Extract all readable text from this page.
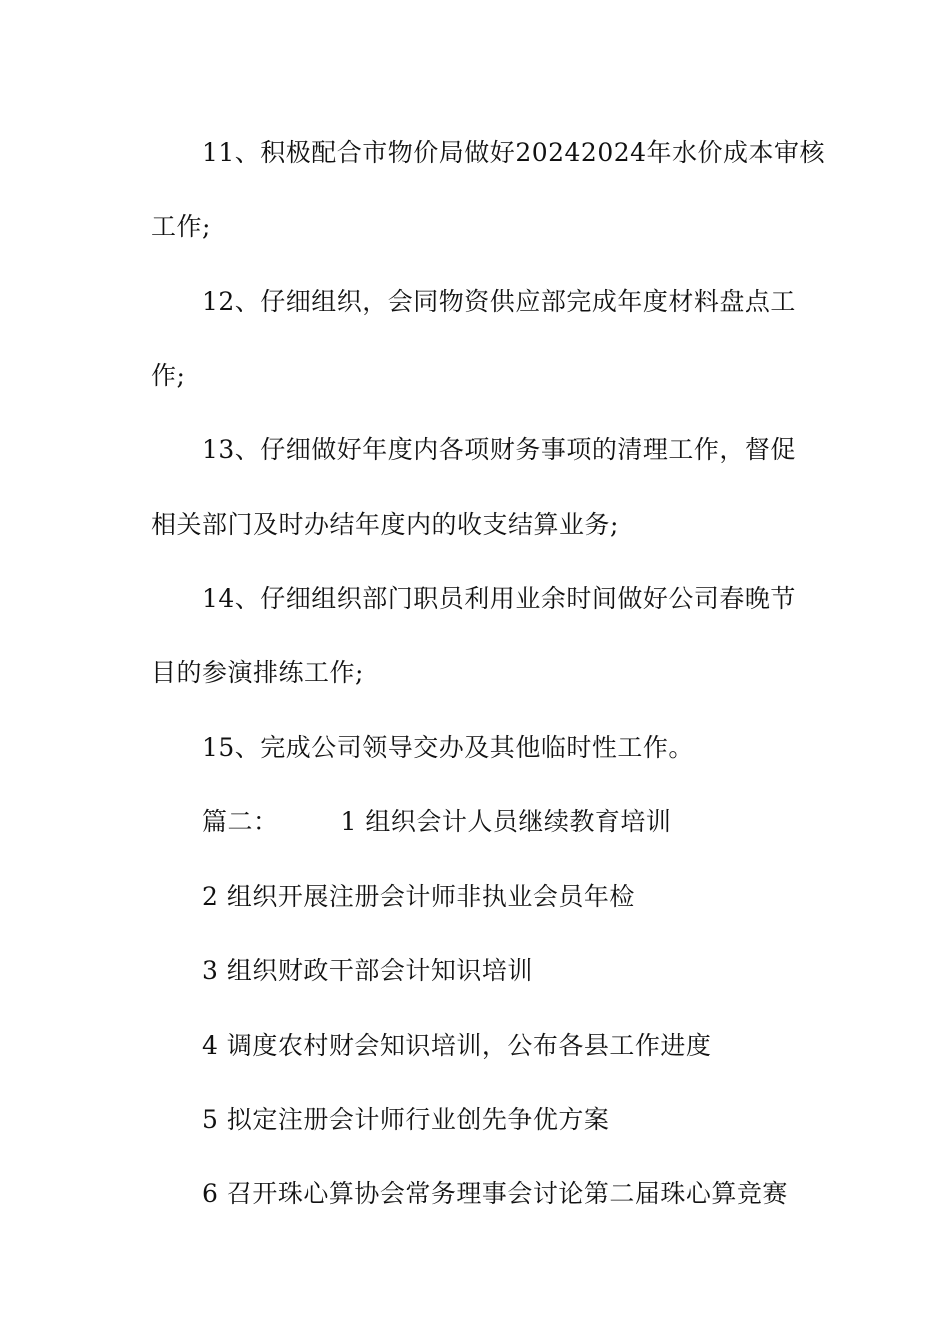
11、积极配合市物价局做好20242024年水价成本审核
工作;
12、仔细组织，会同物资供应部完成年度材料盘点工
作;
13、仔细做好年度内各项财务事项的清理工作，督促
相关部门及时办结年度内的收支结算业务;
14、仔细组织部门职员利用业余时间做好公司春晚节
目的参演排练工作;
15、完成公司领导交办及其他临时性工作。
篇二： 1 组织会计人员继续教育培训
2 组织开展注册会计师非执业会员年检
3 组织财政干部会计知识培训
4 调度农村财会知识培训，公布各县工作进度
5 拟定注册会计师行业创先争优方案
6 召开珠心算协会常务理事会讨论第二届珠心算竞赛
